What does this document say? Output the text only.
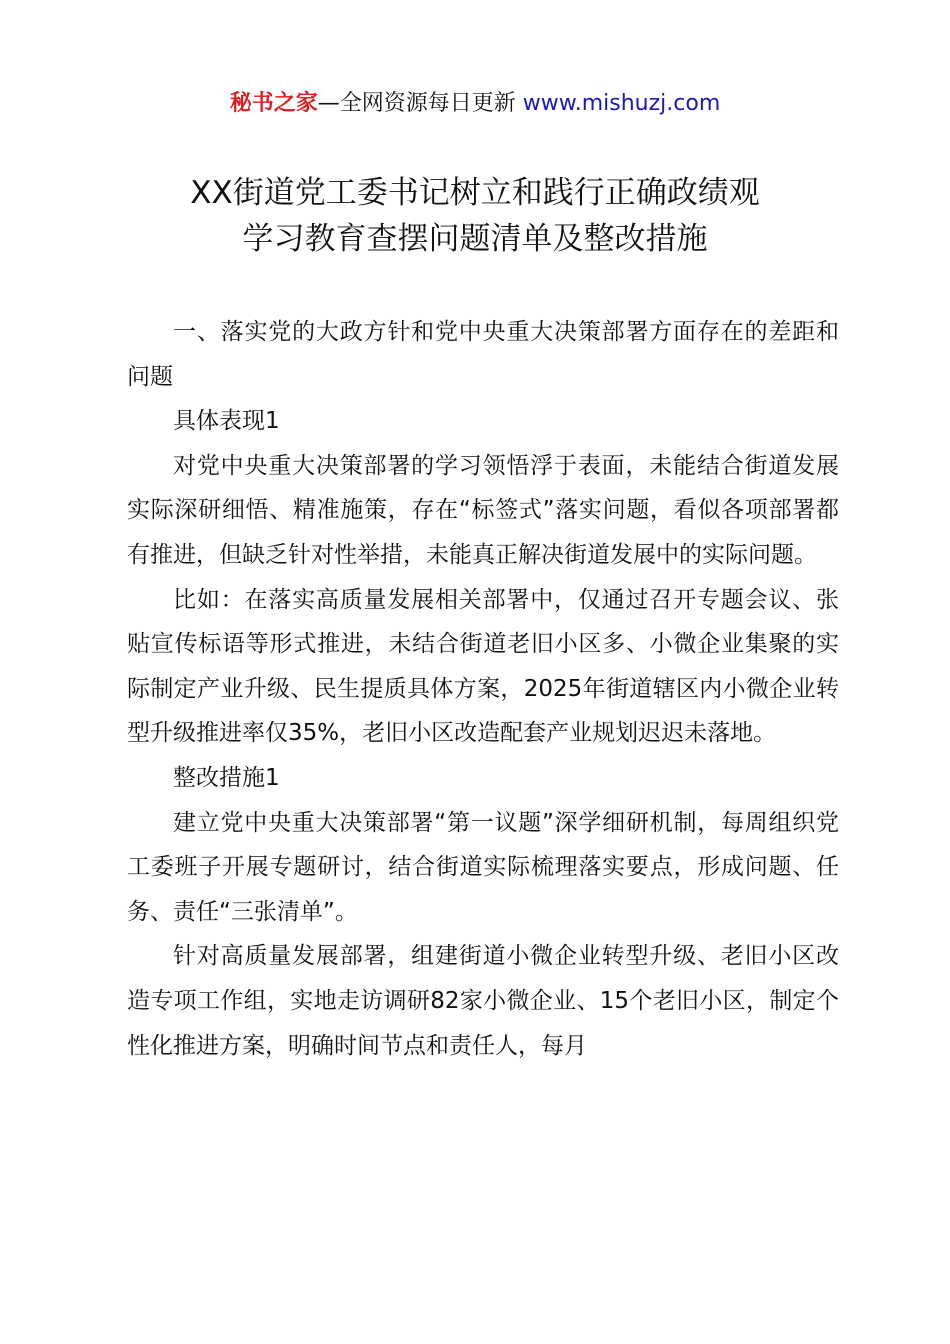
秘书之家—全网资源每日更新 www.mishuzj.com
XX街道党工委书记树立和践行正确政绩观
学习教育查摆问题清单及整改措施

一、落实党的大政方针和党中央重大决策部署方面存在的差距和问题

具体表现1

对党中央重大决策部署的学习领悟浮于表面，未能结合街道发展实际深研细悟、精准施策，存在“标签式”落实问题，看似各项部署都有推进，但缺乏针对性举措，未能真正解决街道发展中的实际问题。

比如：在落实高质量发展相关部署中，仅通过召开专题会议、张贴宣传标语等形式推进，未结合街道老旧小区多、小微企业集聚的实际制定产业升级、民生提质具体方案，2025年街道辖区内小微企业转型升级推进率仅35%，老旧小区改造配套产业规划迟迟未落地。

整改措施1

建立党中央重大决策部署“第一议题”深学细研机制，每周组织党工委班子开展专题研讨，结合街道实际梳理落实要点，形成问题、任务、责任“三张清单”。

针对高质量发展部署，组建街道小微企业转型升级、老旧小区改造专项工作组，实地走访调研82家小微企业、15个老旧小区，制定个性化推进方案，明确时间节点和责任人，每月
